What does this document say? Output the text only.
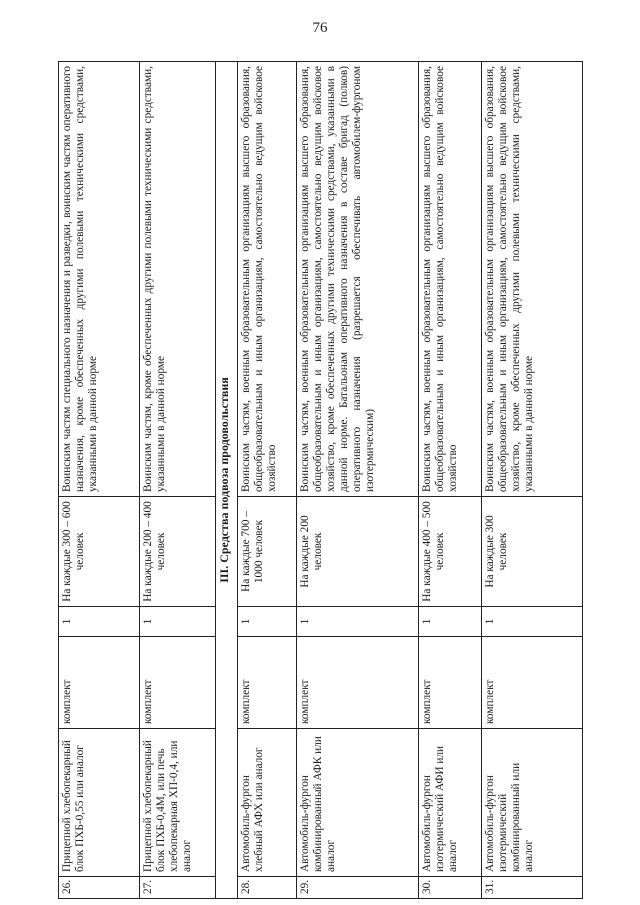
76
26.	Прицепной хлебопекарный блок ПХБ-0,55 или аналог	комплект	1	На каждые 300 – 600 человек	Воинским частям специального назначения и разведки, воинским частям оперативного назначения, кроме обеспеченных другими полевыми техническими средствами, указанными в данной норме
27.	Прицепной хлебопекарный блок ПХБ-0,4М, или печь хлебопекарная ХП-0,4, или аналог	комплект	1	На каждые 200 – 400 человек	Воинским частям, кроме обеспеченных другими полевыми техническими средствами, указанными в данной норме
III. Средства подвоза продовольствия					
28.	Автомобиль-фургон хлебный АФХ или аналог	комплект	1	На каждые 700 – 1000 человек	Воинским частям, военным образовательным организациям высшего образования, общеобразовательным и иным организациям, самостоятельно ведущим войсковое хозяйство
29.	Автомобиль-фургон комбинированный АФК или аналог	комплект	1	На каждые 200 человек	Воинским частям, военным образовательным организациям высшего образования, общеобразовательным и иным организациям, самостоятельно ведущим войсковое хозяйство, кроме обеспеченных другими техническими средствами, указанными в данной норме. Батальонам оперативного назначения в составе бригад (полков) оперативного назначения (разрешается обеспечивать автомобилем-фургоном изотермическим)
30.	Автомобиль-фургон изотермический АФИ или аналог	комплект	1	На каждые 400 – 500 человек	Воинским частям, военным образовательным организациям высшего образования, общеобразовательным и иным организациям, самостоятельно ведущим войсковое хозяйство
31.	Автомобиль-фургон изотермический комбинированный или аналог	комплект	1	На каждые 300 человек	Воинским частям, военным образовательным организациям высшего образования, общеобразовательным и иным организациям, самостоятельно ведущим войсковое хозяйство, кроме обеспеченных другими полевыми техническими средствами, указанными в данной норме
